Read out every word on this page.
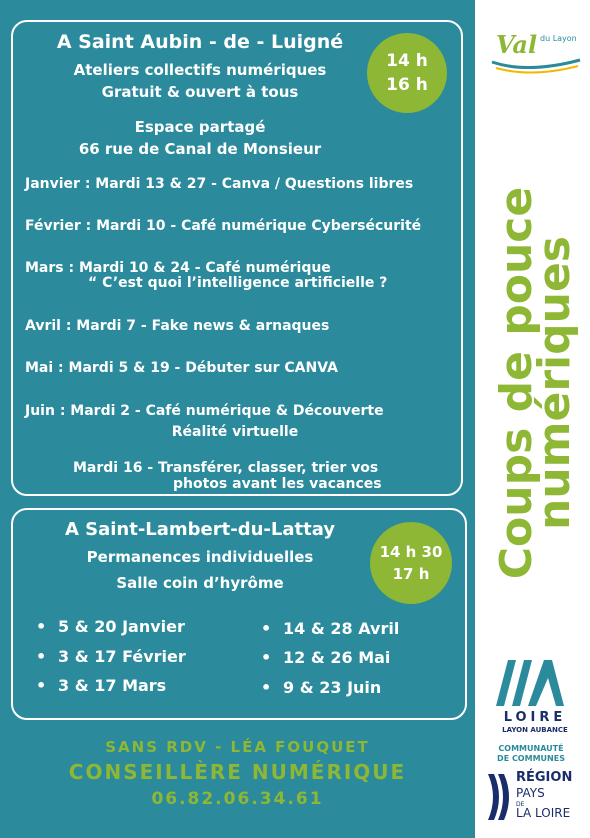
A Saint Aubin - de - Luigné
Ateliers collectifs numériques
Gratuit & ouvert à tous
Espace partagé
66 rue de Canal de Monsieur
14 h
16 h
Janvier : Mardi 13 & 27 - Canva / Questions libres
Février : Mardi 10 - Café numérique Cybersécurité
Mars : Mardi 10 & 24 - Café numérique
“ C’est quoi l’intelligence artificielle ?
Avril : Mardi 7 - Fake news & arnaques
Mai : Mardi 5 & 19 - Débuter sur CANVA
Juin : Mardi 2 - Café numérique & Découverte
Réalité virtuelle
Mardi 16 - Transférer, classer, trier vos
photos avant les vacances
A Saint-Lambert-du-Lattay
Permanences individuelles
Salle coin d’hyrôme
14 h 30
17 h
• 5 & 20 Janvier
• 3 & 17 Février
• 3 & 17 Mars
• 14 & 28 Avril
• 12 & 26 Mai
• 9 & 23 Juin
SANS RDV - LÉA FOUQUET
CONSEILLÈRE NUMÉRIQUE
06.82.06.34.61
Coups de pouce
numériques
Val du Layon
LOIRE
LAYON AUBANCE
COMMUNAUTÉ
DE COMMUNES
RÉGION
PAYS
DE
LA LOIRE
